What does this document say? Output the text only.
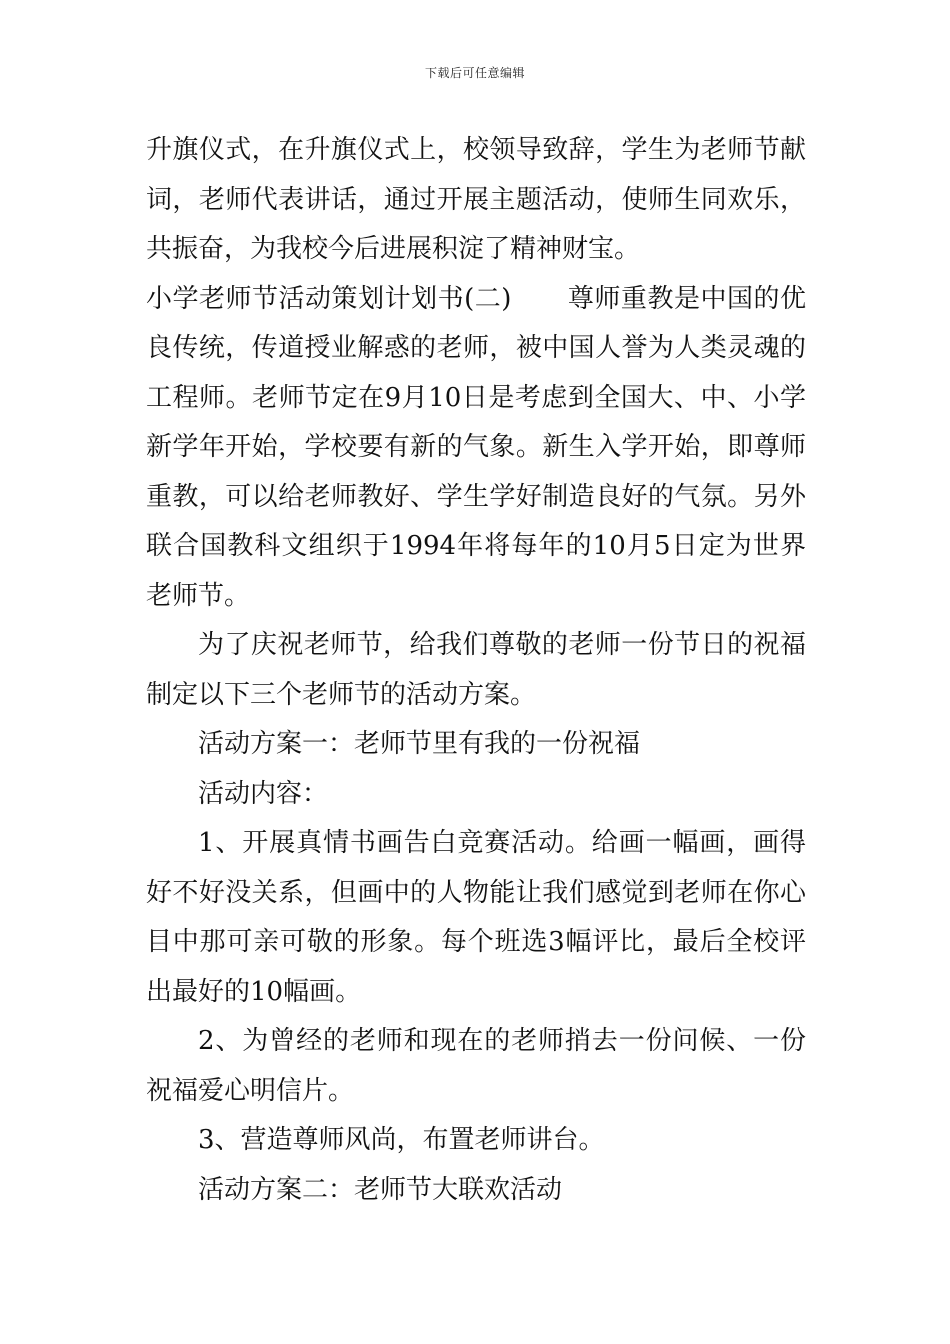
下载后可任意编辑

升旗仪式，在升旗仪式上，校领导致辞，学生为老师节献词，老师代表讲话，通过开展主题活动，使师生同欢乐，共振奋，为我校今后进展积淀了精神财宝。

小学老师节活动策划计划书(二) 尊师重教是中国的优良传统，传道授业解惑的老师，被中国人誉为人类灵魂的工程师。老师节定在9月10日是考虑到全国大、中、小学新学年开始，学校要有新的气象。新生入学开始，即尊师重教，可以给老师教好、学生学好制造良好的气氛。另外联合国教科文组织于1994年将每年的10月5日定为世界老师节。

为了庆祝老师节，给我们尊敬的老师一份节日的祝福制定以下三个老师节的活动方案。

活动方案一：老师节里有我的一份祝福

活动内容：

1、开展真情书画告白竞赛活动。给画一幅画，画得好不好没关系，但画中的人物能让我们感觉到老师在你心目中那可亲可敬的形象。每个班选3幅评比，最后全校评出最好的10幅画。

2、为曾经的老师和现在的老师捎去一份问候、一份祝福爱心明信片。

3、营造尊师风尚，布置老师讲台。

活动方案二：老师节大联欢活动
